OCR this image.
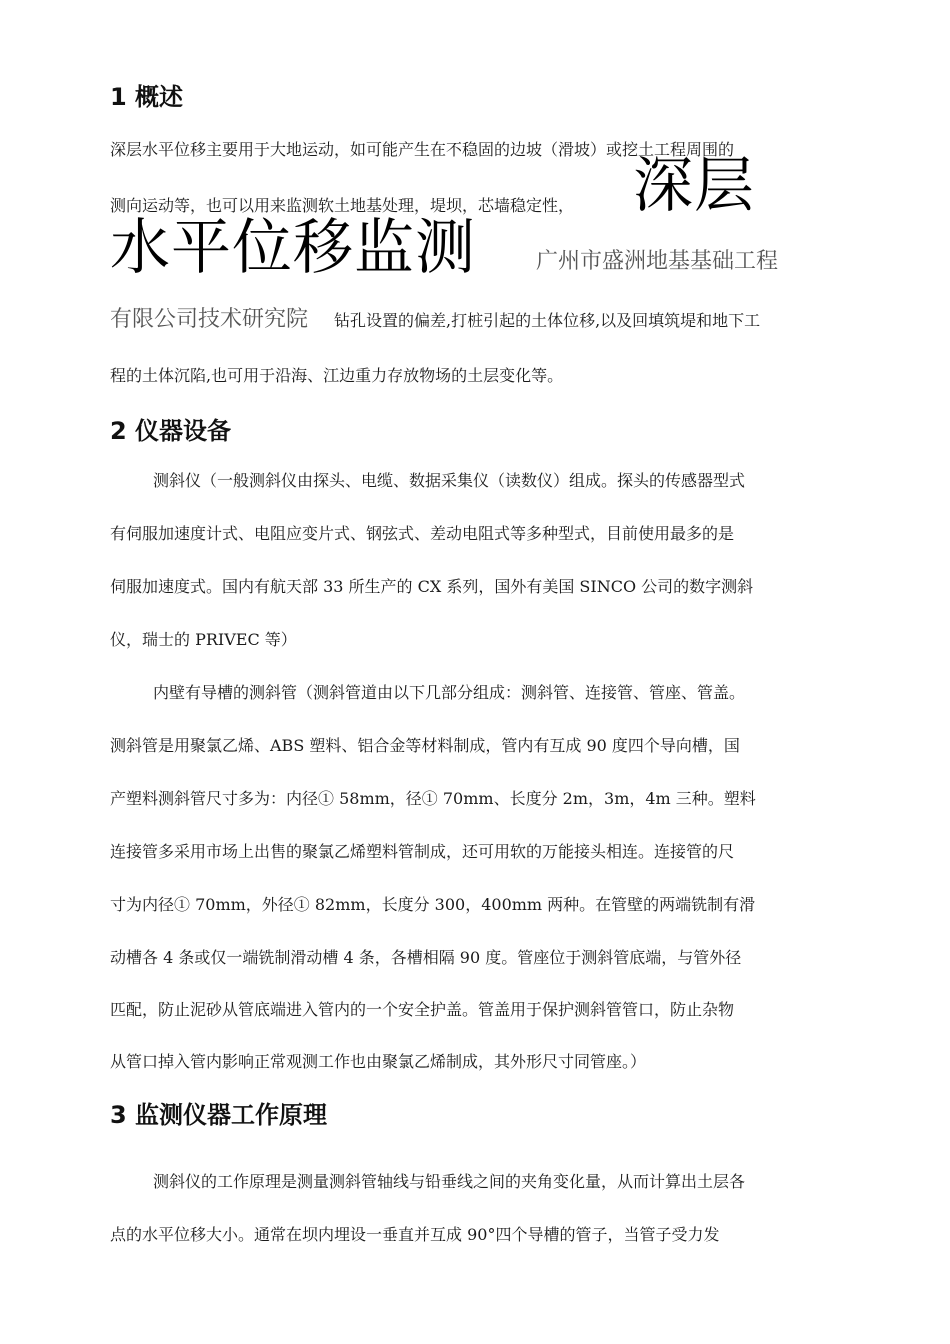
1 概述
深层水平位移主要用于大地运动，如可能产生在不稳固的边坡（滑坡）或挖土工程周围的
测向运动等，也可以用来监测软土地基处理，堤坝，芯墙稳定性， 深层
水平位移监测	广州市盛洲地基基础工程
有限公司技术研究院 钻孔设置的偏差,打桩引起的土体位移,以及回填筑堤和地下工
程的土体沉陷,也可用于沿海、江边重力存放物场的土层变化等。
2 仪器设备
测斜仪（一般测斜仪由探头、电缆、数据采集仪（读数仪）组成。探头的传感器型式
有伺服加速度计式、电阻应变片式、钢弦式、差动电阻式等多种型式，目前使用最多的是
伺服加速度式。国内有航天部 33 所生产的 CX 系列，国外有美国 SINCO 公司的数字测斜
仪，瑞士的 PRIVEC 等）
内壁有导槽的测斜管（测斜管道由以下几部分组成：测斜管、连接管、管座、管盖。
测斜管是用聚氯乙烯、ABS 塑料、铝合金等材料制成，管内有互成 90 度四个导向槽，国
产塑料测斜管尺寸多为：内径① 58mm，径① 70mm、长度分 2m，3m，4m 三种。塑料
连接管多采用市场上出售的聚氯乙烯塑料管制成，还可用软的万能接头相连。连接管的尺
寸为内径① 70mm，外径① 82mm，长度分 300，400mm 两种。在管壁的两端铣制有滑
动槽各 4 条或仅一端铣制滑动槽 4 条，各槽相隔 90 度。管座位于测斜管底端，与管外径
匹配，防止泥砂从管底端进入管内的一个安全护盖。管盖用于保护测斜管管口，防止杂物
从管口掉入管内影响正常观测工作也由聚氯乙烯制成，其外形尺寸同管座。）
3 监测仪器工作原理
测斜仪的工作原理是测量测斜管轴线与铅垂线之间的夹角变化量，从而计算出土层各
点的水平位移大小。通常在坝内埋设一垂直并互成 90°四个导槽的管子，当管子受力发
